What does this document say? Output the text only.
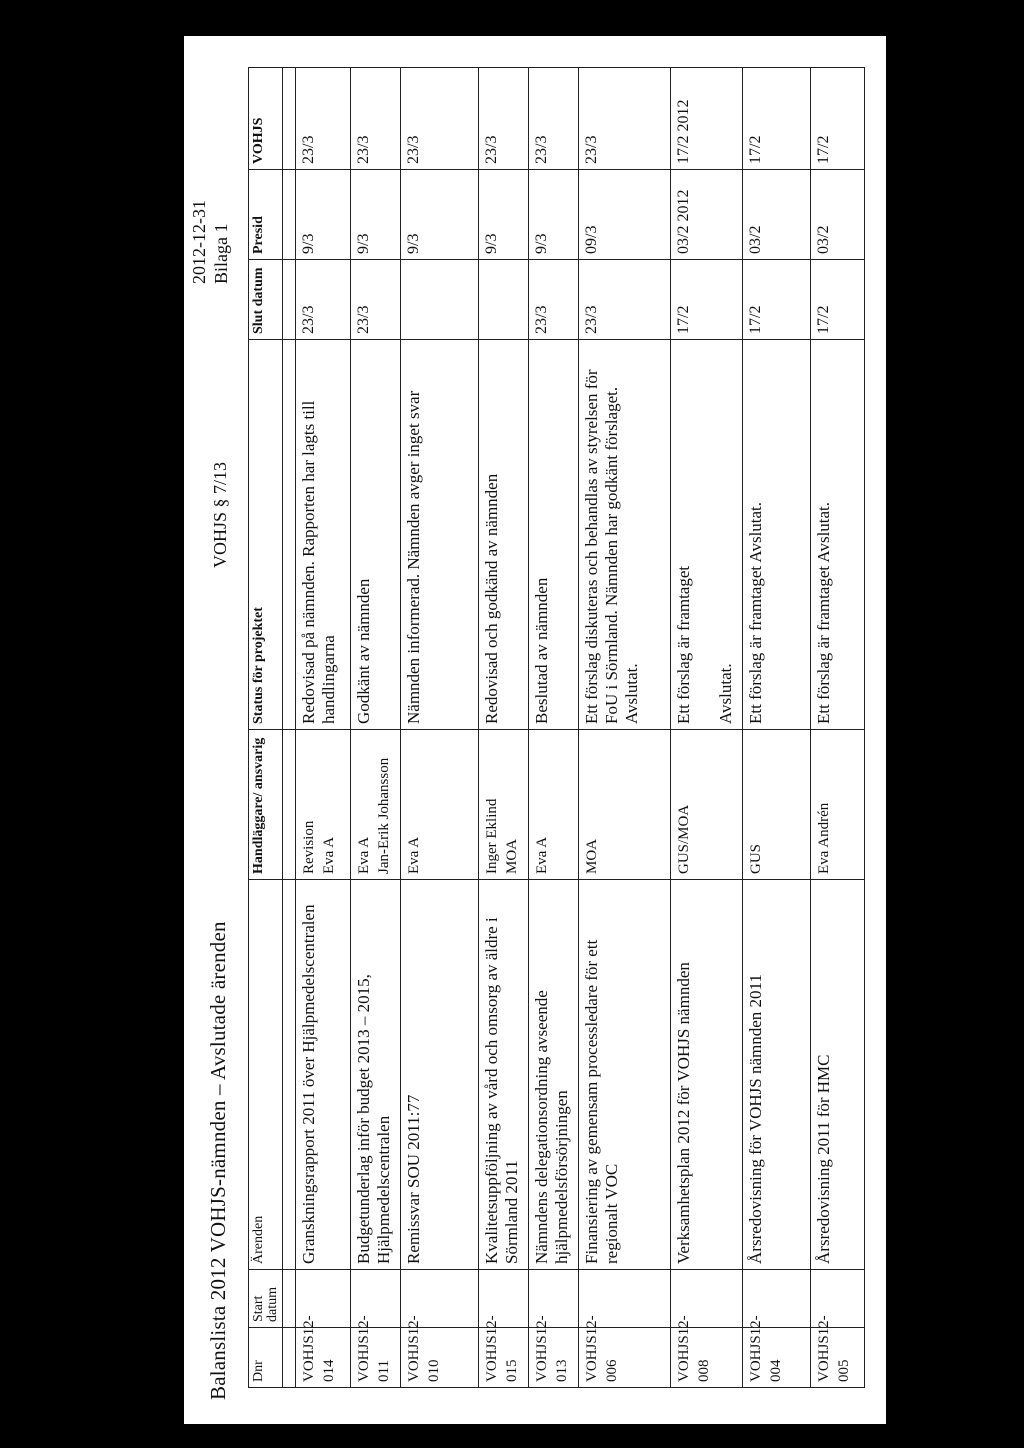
2012-12-31 Bilaga 1
VOHJS § 7/13
Balanslista 2012 VOHJS-nämnden – Avslutade ärenden Dnr	Start datum	Ärenden	Handläggare/ ansvarig	Status för projektet	Slut datum	Presid	VOHJS

VOHJS12-014		Granskningsrapport 2011 över Hjälpmedelscentralen	Revision Eva A	Redovisad på nämnden. Rapporten har lagts till handlingarna	23/3	9/3	23/3
VOHJS12-011		Budgetunderlag inför budget 2013 – 2015, Hjälpmedelscentralen	Eva A Jan-Erik Johansson	Godkänt av nämnden	23/3	9/3	23/3
VOHJS12-010		Remissvar SOU 2011:77	Eva A	Nämnden informerad. Nämnden avger inget svar		9/3	23/3
VOHJS12-015		Kvalitetsuppföljning av vård och omsorg av äldre i Sörmland 2011	Inger Eklind MOA	Redovisad och godkänd av nämnden		9/3	23/3
VOHJS12-013		Nämndens delegationsordning avseende hjälpmedelsförsörjningen	Eva A	Beslutad av nämnden	23/3	9/3	23/3
VOHJS12-006		Finansiering av gemensam processledare för ett regionalt VOC	MOA	Ett förslag diskuteras och behandlas av styrelsen för FoU i Sörmland. Nämnden har godkänt förslaget. Avslutat.	23/3	09/3	23/3
VOHJS12-008		Verksamhetsplan 2012 för VOHJS nämnden	GUS/MOA	Ett förslag är framtaget Avslutat.	17/2	03/2 2012	17/2 2012
VOHJS12-004		Årsredovisning för VOHJS nämnden 2011	GUS	Ett förslag är framtaget Avslutat.	17/2	03/2	17/2
VOHJS12-005		Årsredovisning 2011 för HMC	Eva Andrén	Ett förslag är framtaget Avslutat.	17/2	03/2	17/2
